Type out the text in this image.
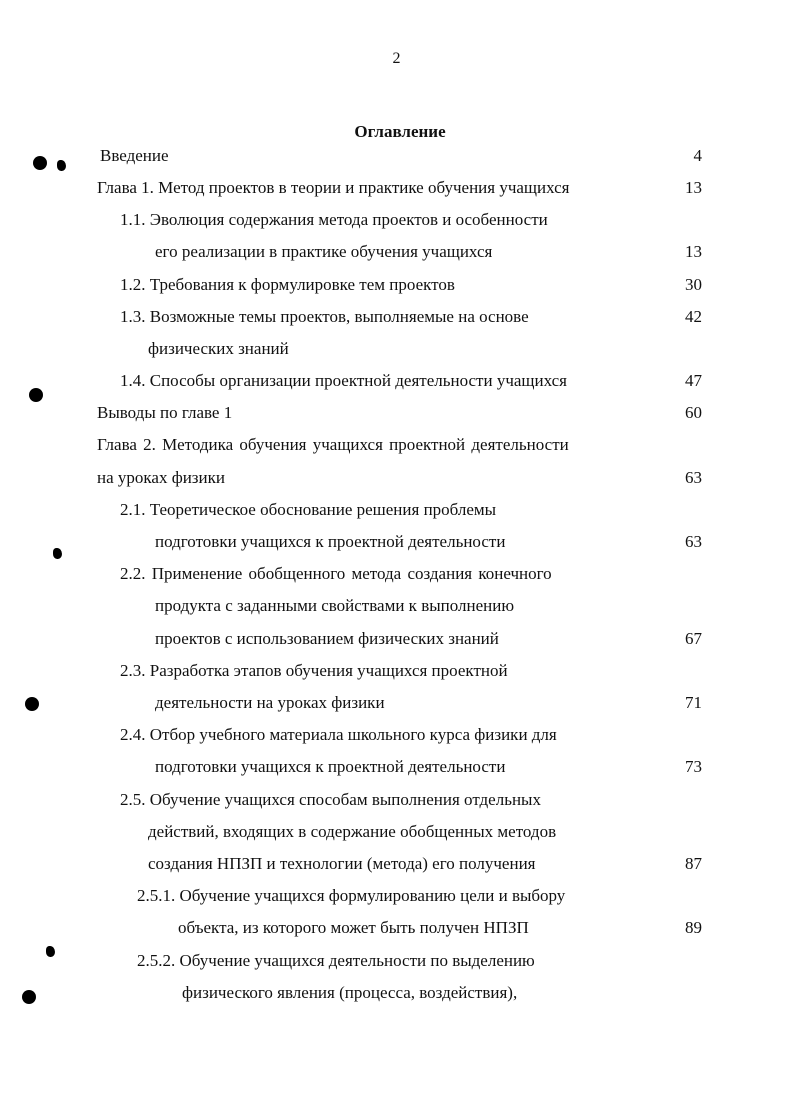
2
Оглавление
Введение	4
Глава 1. Метод проектов в теории и практике обучения учащихся	13
1.1. Эволюция содержания метода проектов и особенности
его реализации в практике обучения учащихся	13
1.2. Требования к формулировке тем проектов	30
1.3. Возможные темы проектов, выполняемые на основе	42
физических знаний
1.4. Способы организации проектной деятельности учащихся	47
Выводы по главе 1	60
Глава 2. Методика обучения учащихся проектной деятельности
на уроках физики	63
2.1. Теоретическое обоснование решения проблемы
подготовки учащихся к проектной деятельности	63
2.2. Применение обобщенного метода создания конечного
продукта с заданными свойствами к выполнению
проектов с использованием физических знаний	67
2.3. Разработка этапов обучения учащихся проектной
деятельности на уроках физики	71
2.4. Отбор учебного материала школьного курса физики для
подготовки учащихся к проектной деятельности	73
2.5. Обучение учащихся способам выполнения отдельных
действий, входящих в содержание обобщенных методов
создания НПЗП и технологии (метода) его получения	87
2.5.1. Обучение учащихся формулированию цели и выбору
объекта, из которого может быть получен НПЗП	89
2.5.2. Обучение учащихся деятельности по выделению
физического явления (процесса, воздействия),
